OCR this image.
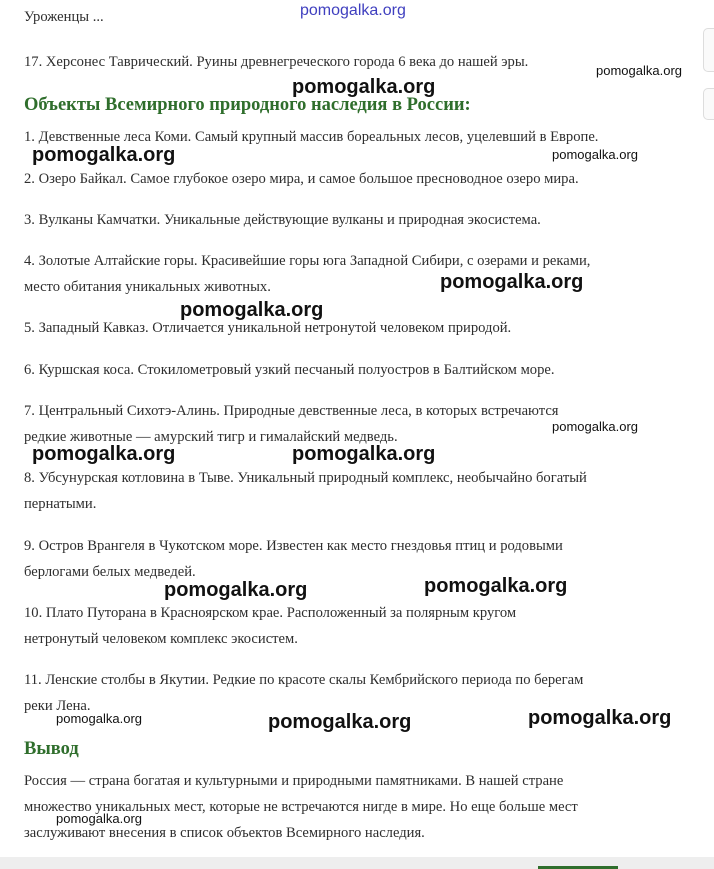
Уроженцы ...
17. Херсонес Таврический. Руины древнегреческого города 6 века до нашей эры.
Объекты Всемирного природного наследия в России:
1. Девственные леса Коми. Самый крупный массив бореальных лесов, уцелевший в Европе.
2. Озеро Байкал. Самое глубокое озеро мира, и самое большое пресноводное озеро мира.
3. Вулканы Камчатки. Уникальные действующие вулканы и природная экосистема.
4. Золотые Алтайские горы. Красивейшие горы юга Западной Сибири, с озерами и реками,
место обитания уникальных животных.
5. Западный Кавказ. Отличается уникальной нетронутой человеком природой.
6. Куршская коса. Стокилометровый узкий песчаный полуостров в Балтийском море.
7. Центральный Сихотэ-Алинь. Природные девственные леса, в которых встречаются
редкие животные — амурский тигр и гималайский медведь.
8. Убсунурская котловина в Тыве. Уникальный природный комплекс, необычайно богатый
пернатыми.
9. Остров Врангеля в Чукотском море. Известен как место гнездовья птиц и родовыми
берлогами белых медведей.
10. Плато Путорана в Красноярском крае. Расположенный за полярным кругом
нетронутый человеком комплекс экосистем.
11. Ленские столбы в Якутии. Редкие по красоте скалы Кембрийского периода по берегам
реки Лена.
Вывод
Россия — страна богатая и культурными и природными памятниками. В нашей стране
множество уникальных мест, которые не встречаются нигде в мире. Но еще больше мест
заслуживают внесения в список объектов Всемирного наследия.
pomogalka.org
pomogalka.org
pomogalka.org
pomogalka.org	pomogalka.org
pomogalka.org
pomogalka.org
pomogalka.org
pomogalka.org	pomogalka.org
pomogalka.org
pomogalka.org
pomogalka.org	pomogalka.org
pomogalka.org
pomogalka.org
